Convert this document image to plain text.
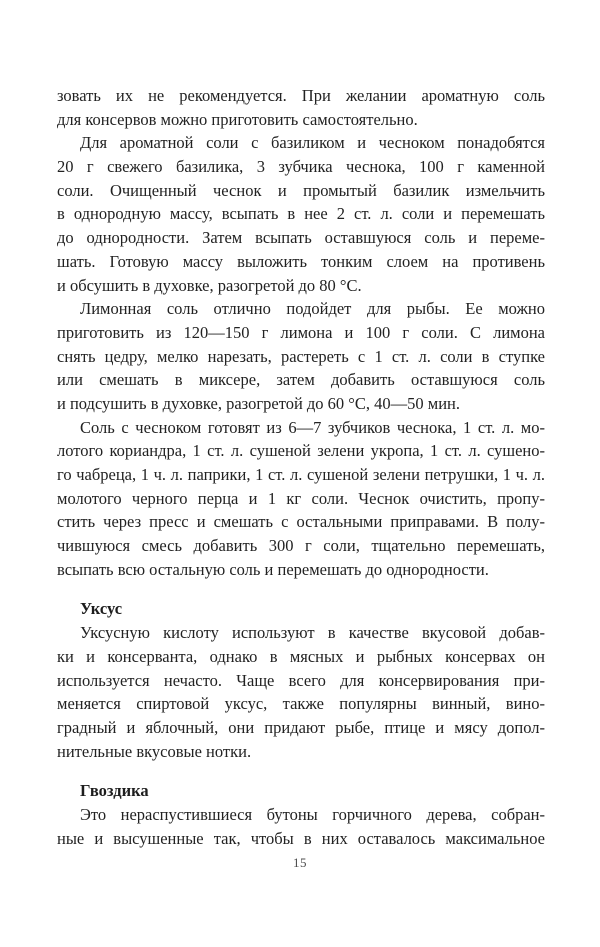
зовать их не рекомендуется. При желании ароматную соль
для консервов можно приготовить самостоятельно.
Для ароматной соли с базиликом и чесноком понадобятся
20 г свежего базилика, 3 зубчика чеснока, 100 г каменной
соли. Очищенный чеснок и промытый базилик измельчить
в однородную массу, всыпать в нее 2 ст. л. соли и перемешать
до однородности. Затем всыпать оставшуюся соль и переме-
шать. Готовую массу выложить тонким слоем на противень
и обсушить в духовке, разогретой до 80 °C.
Лимонная соль отлично подойдет для рыбы. Ее можно
приготовить из 120—150 г лимона и 100 г соли. С лимона
снять цедру, мелко нарезать, растереть с 1 ст. л. соли в ступке
или смешать в миксере, затем добавить оставшуюся соль
и подсушить в духовке, разогретой до 60 °C, 40—50 мин.
Соль с чесноком готовят из 6—7 зубчиков чеснока, 1 ст. л. мо-
лотого кориандра, 1 ст. л. сушеной зелени укропа, 1 ст. л. сушено-
го чабреца, 1 ч. л. паприки, 1 ст. л. сушеной зелени петрушки, 1 ч. л.
молотого черного перца и 1 кг соли. Чеснок очистить, пропу-
стить через пресс и смешать с остальными приправами. В полу-
чившуюся смесь добавить 300 г соли, тщательно перемешать,
всыпать всю остальную соль и перемешать до однородности.
Уксус
Уксусную кислоту используют в качестве вкусовой добав-
ки и консерванта, однако в мясных и рыбных консервах он
используется нечасто. Чаще всего для консервирования при-
меняется спиртовой уксус, также популярны винный, вино-
градный и яблочный, они придают рыбе, птице и мясу допол-
нительные вкусовые нотки.
Гвоздика
Это нераспустившиеся бутоны горчичного дерева, собран-
ные и высушенные так, чтобы в них оставалось максимальное
15
